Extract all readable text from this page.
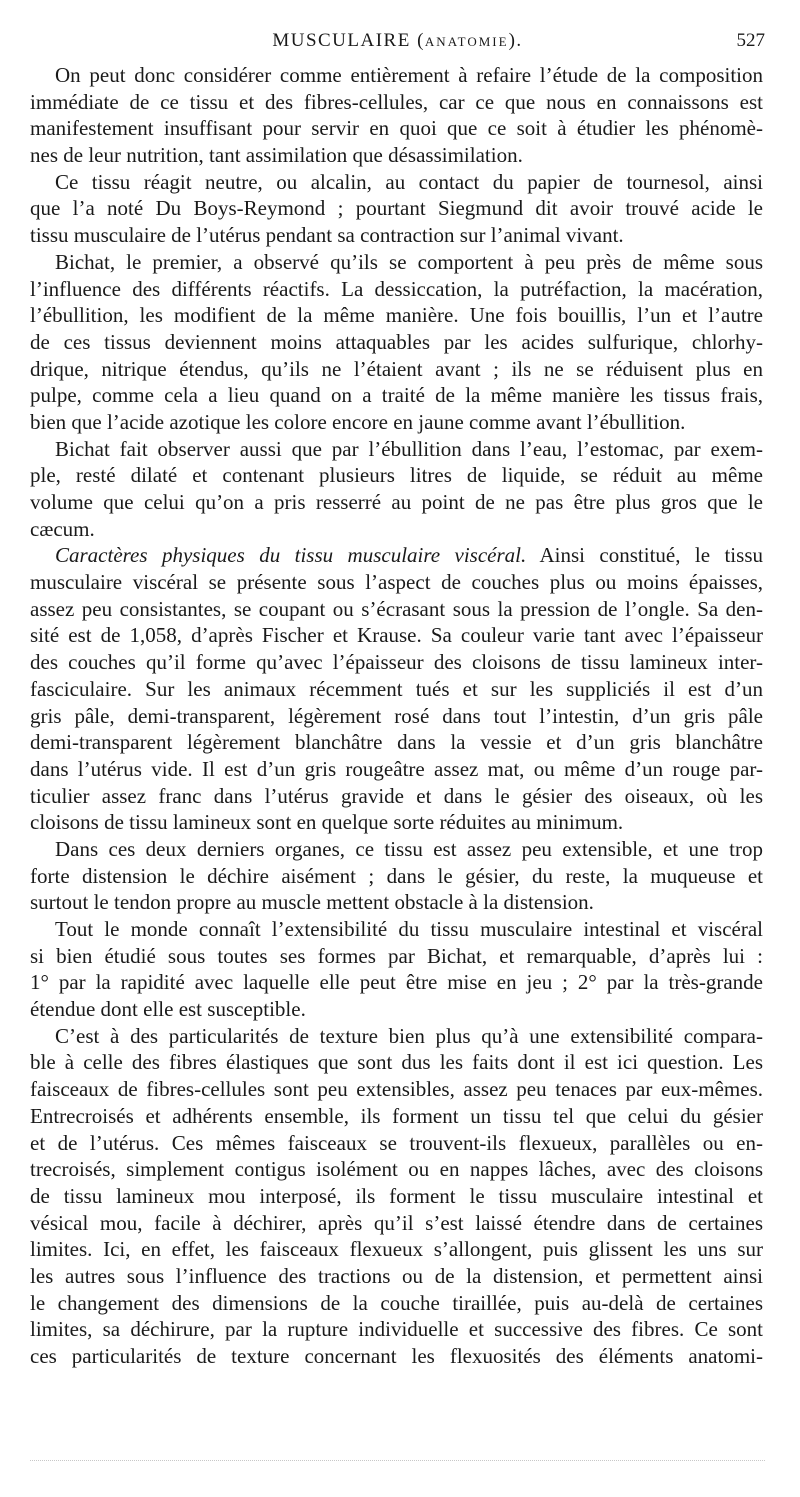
MUSCULAIRE (ANATOMIE).	527
On peut donc considérer comme entièrement à refaire l’étude de la composition
immédiate de ce tissu et des fibres-cellules, car ce que nous en connaissons est
manifestement insuffisant pour servir en quoi que ce soit à étudier les phénomè-
nes de leur nutrition, tant assimilation que désassimilation.
Ce tissu réagit neutre, ou alcalin, au contact du papier de tournesol, ainsi
que l’a noté Du Boys-Reymond ; pourtant Siegmund dit avoir trouvé acide le
tissu musculaire de l’utérus pendant sa contraction sur l’animal vivant.
Bichat, le premier, a observé qu’ils se comportent à peu près de même sous
l’influence des différents réactifs. La dessiccation, la putréfaction, la macération,
l’ébullition, les modifient de la même manière. Une fois bouillis, l’un et l’autre
de ces tissus deviennent moins attaquables par les acides sulfurique, chlorhy-
drique, nitrique étendus, qu’ils ne l’étaient avant ; ils ne se réduisent plus en
pulpe, comme cela a lieu quand on a traité de la même manière les tissus frais,
bien que l’acide azotique les colore encore en jaune comme avant l’ébullition.
Bichat fait observer aussi que par l’ébullition dans l’eau, l’estomac, par exem-
ple, resté dilaté et contenant plusieurs litres de liquide, se réduit au même
volume que celui qu’on a pris resserré au point de ne pas être plus gros que le
cæcum.
Caractères physiques du tissu musculaire viscéral. Ainsi constitué, le tissu
musculaire viscéral se présente sous l’aspect de couches plus ou moins épaisses,
assez peu consistantes, se coupant ou s’écrasant sous la pression de l’ongle. Sa den-
sité est de 1,058, d’après Fischer et Krause. Sa couleur varie tant avec l’épaisseur
des couches qu’il forme qu’avec l’épaisseur des cloisons de tissu lamineux inter-
fasciculaire. Sur les animaux récemment tués et sur les suppliciés il est d’un
gris pâle, demi-transparent, légèrement rosé dans tout l’intestin, d’un gris pâle
demi-transparent légèrement blanchâtre dans la vessie et d’un gris blanchâtre
dans l’utérus vide. Il est d’un gris rougeâtre assez mat, ou même d’un rouge par-
ticulier assez franc dans l’utérus gravide et dans le gésier des oiseaux, où les
cloisons de tissu lamineux sont en quelque sorte réduites au minimum.
Dans ces deux derniers organes, ce tissu est assez peu extensible, et une trop
forte distension le déchire aisément ; dans le gésier, du reste, la muqueuse et
surtout le tendon propre au muscle mettent obstacle à la distension.
Tout le monde connaît l’extensibilité du tissu musculaire intestinal et viscéral
si bien étudié sous toutes ses formes par Bichat, et remarquable, d’après lui :
1° par la rapidité avec laquelle elle peut être mise en jeu ; 2° par la très-grande
étendue dont elle est susceptible.
C’est à des particularités de texture bien plus qu’à une extensibilité compara-
ble à celle des fibres élastiques que sont dus les faits dont il est ici question. Les
faisceaux de fibres-cellules sont peu extensibles, assez peu tenaces par eux-mêmes.
Entrecroisés et adhérents ensemble, ils forment un tissu tel que celui du gésier
et de l’utérus. Ces mêmes faisceaux se trouvent-ils flexueux, parallèles ou en-
trecroisés, simplement contigus isolément ou en nappes lâches, avec des cloisons
de tissu lamineux mou interposé, ils forment le tissu musculaire intestinal et
vésical mou, facile à déchirer, après qu’il s’est laissé étendre dans de certaines
limites. Ici, en effet, les faisceaux flexueux s’allongent, puis glissent les uns sur
les autres sous l’influence des tractions ou de la distension, et permettent ainsi
le changement des dimensions de la couche tiraillée, puis au-delà de certaines
limites, sa déchirure, par la rupture individuelle et successive des fibres. Ce sont
ces particularités de texture concernant les flexuosités des éléments anatomi-
